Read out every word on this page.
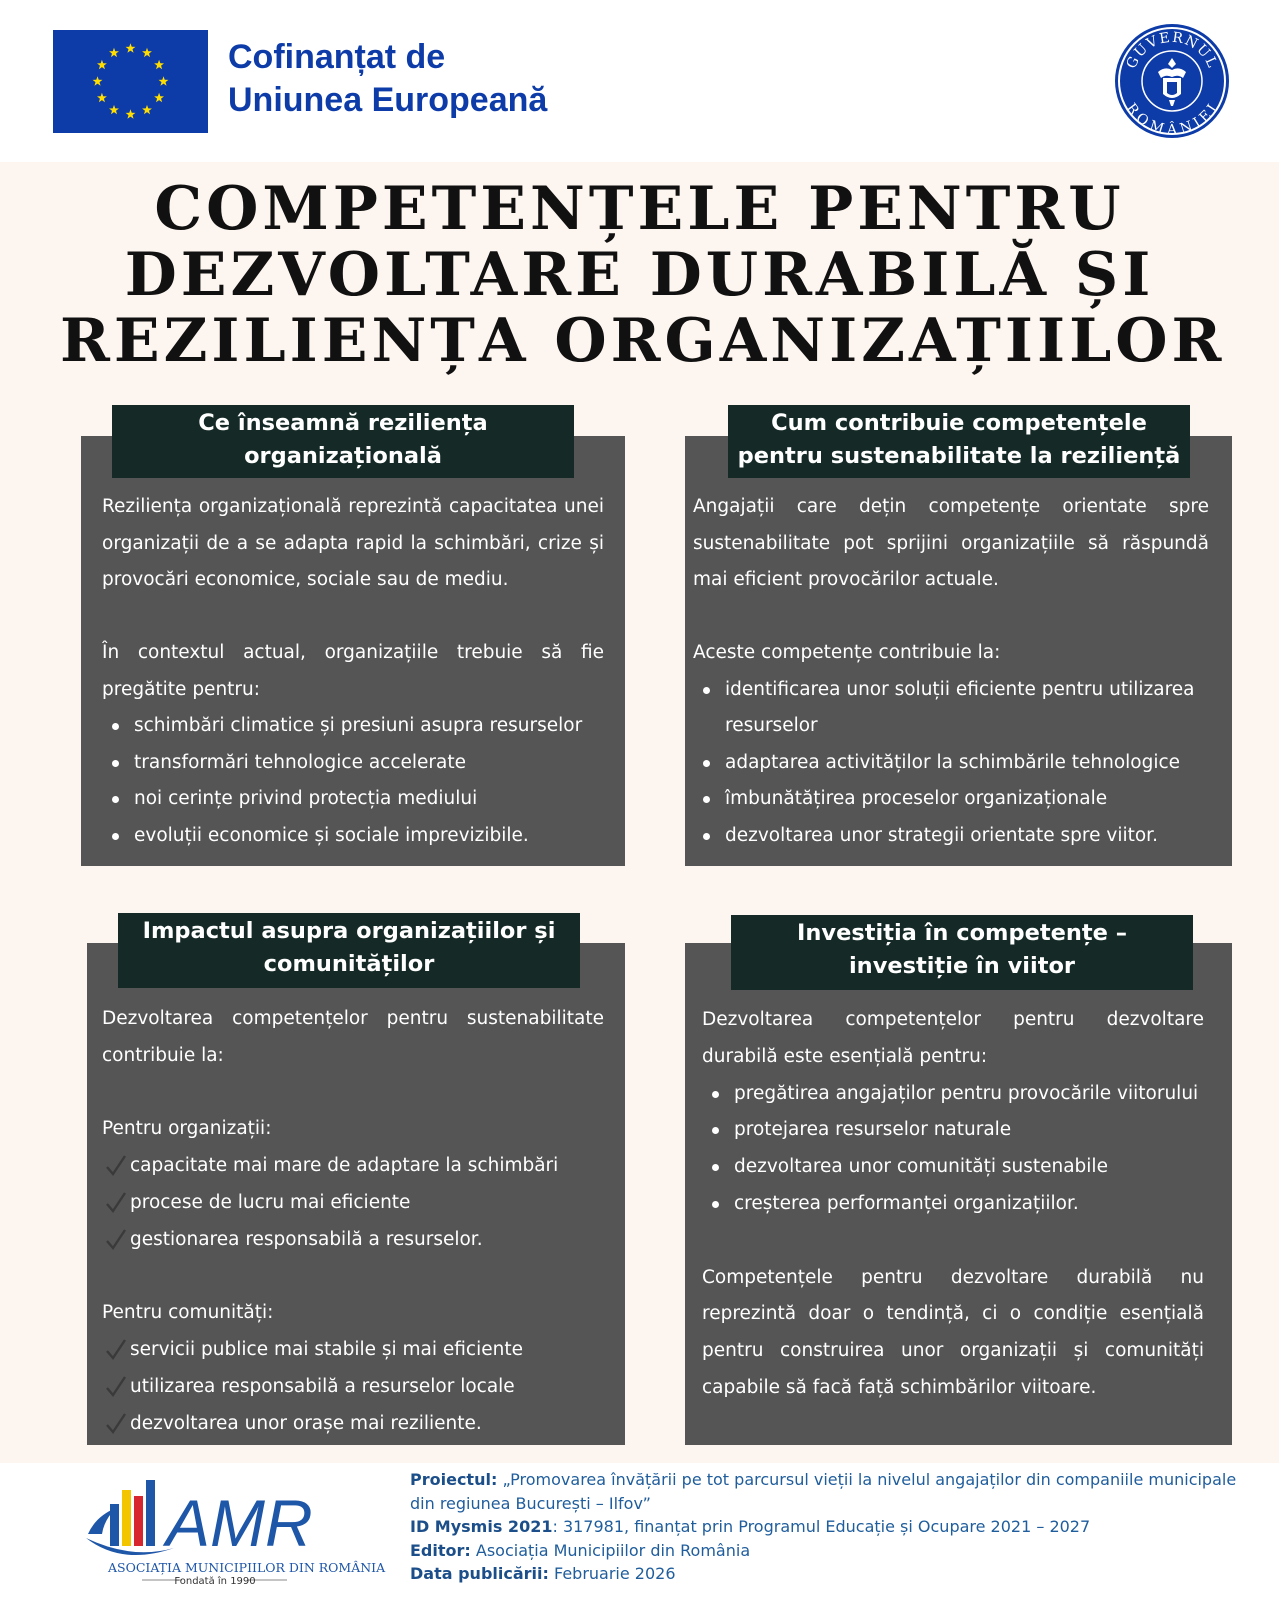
Cofinanțat de
Uniunea Europeană
GUVERNUL
ROMÂNIEI
COMPETENȚELE PENTRU
DEZVOLTARE DURABILĂ ȘI
REZILIENȚA ORGANIZAȚIILOR
Ce înseamnă reziliența
organizațională

Reziliența organizațională reprezintă capacitatea unei organizații de a se adapta rapid la schimbări, crize și provocări economice, sociale sau de mediu.

În contextul actual, organizațiile trebuie să fie pregătite pentru:

schimbări climatice și presiuni asupra resurselor
transformări tehnologice accelerate
noi cerințe privind protecția mediului
evoluții economice și sociale imprevizibile.
Cum contribuie competențele
pentru sustenabilitate la reziliență

Angajații care dețin competențe orientate spre sustenabilitate pot sprijini organizațiile să răspundă mai eficient provocărilor actuale.

Aceste competențe contribuie la:

identificarea unor soluții eficiente pentru utilizarea resurselor
adaptarea activităților la schimbările tehnologice
îmbunătățirea proceselor organizaționale
dezvoltarea unor strategii orientate spre viitor.
Impactul asupra organizațiilor și
comunităților

Dezvoltarea competențelor pentru sustenabilitate contribuie la:

Pentru organizații:

capacitate mai mare de adaptare la schimbări
procese de lucru mai eficiente
gestionarea responsabilă a resurselor.

Pentru comunități:

servicii publice mai stabile și mai eficiente
utilizarea responsabilă a resurselor locale
dezvoltarea unor orașe mai reziliente.
Investiția în competențe –
investiție în viitor

Dezvoltarea competențelor pentru dezvoltare durabilă este esențială pentru:

pregătirea angajaților pentru provocările viitorului
protejarea resurselor naturale
dezvoltarea unor comunități sustenabile
creșterea performanței organizațiilor.

Competențele pentru dezvoltare durabilă nu reprezintă doar o tendință, ci o condiție esențială pentru construirea unor organizații și comunități capabile să facă față schimbărilor viitoare.

AMR
ASOCIAȚIA MUNICIPIILOR DIN ROMÂNIA
Fondată în 1990
Proiectul: „Promovarea învățării pe tot parcursul vieții la nivelul angajaților din companiile municipale din regiunea București – Ilfov”
ID Mysmis 2021: 317981, finanțat prin Programul Educație și Ocupare 2021 – 2027
Editor: Asociația Municipiilor din România
Data publicării: Februarie 2026
